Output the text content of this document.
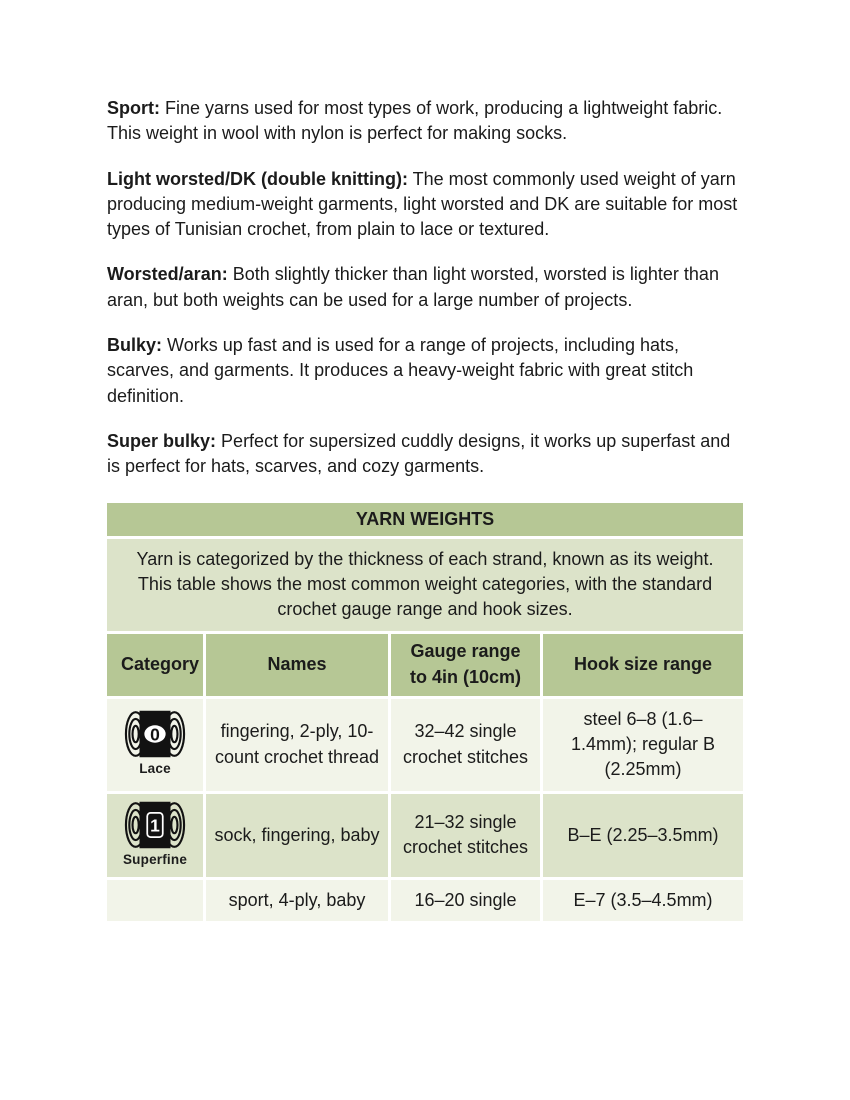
Sport: Fine yarns used for most types of work, producing a lightweight fabric. This weight in wool with nylon is perfect for making socks.

Light worsted/DK (double knitting): The most commonly used weight of yarn producing medium-weight garments, light worsted and DK are suitable for most types of Tunisian crochet, from plain to lace or textured.

Worsted/aran: Both slightly thicker than light worsted, worsted is lighter than aran, but both weights can be used for a large number of projects.

Bulky: Works up fast and is used for a range of projects, including hats, scarves, and garments. It produces a heavy-weight fabric with great stitch definition.

Super bulky: Perfect for supersized cuddly designs, it works up superfast and is perfect for hats, scarves, and cozy garments.

YARN WEIGHTS			
Yarn is categorized by the thickness of each strand, known as its weight. This table shows the most common weight categories, with the standard crochet gauge range and hook sizes.			
Category	Names	Gauge range to 4in (10cm)	Hook size range

0
Lace	fingering, 2-ply, 10-count crochet thread	32–42 single crochet stitches	steel 6–8 (1.6–1.4mm); regular B (2.25mm)

1
Superfine	sock, fingering, baby	21–32 single crochet stitches	B–E (2.25–3.5mm)
	sport, 4-ply, baby	16–20 single	E–7 (3.5–4.5mm)
